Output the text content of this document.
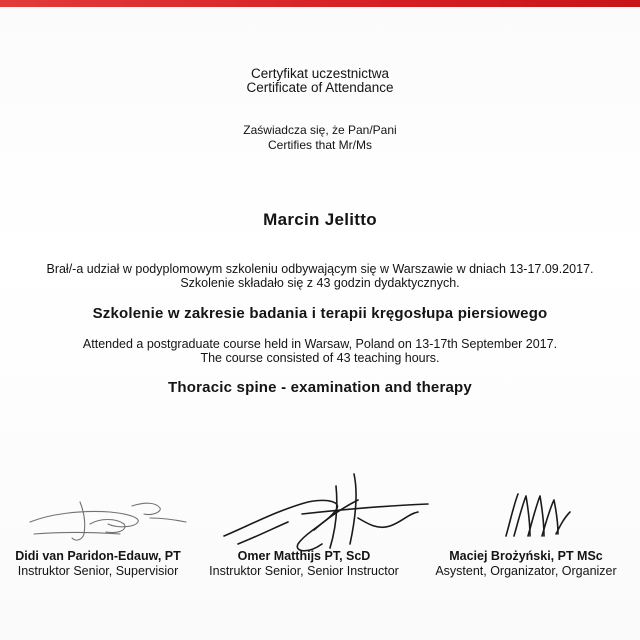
Certyfikat uczestnictwa
Certificate of Attendance
Zaświadcza się, że Pan/Pani
Certifies that Mr/Ms
Marcin Jelitto
Brał/-a udział w podyplomowym szkoleniu odbywającym się w Warszawie w dniach 13-17.09.2017.
Szkolenie składało się z 43 godzin dydaktycznych.
Szkolenie w zakresie badania i terapii kręgosłupa piersiowego
Attended a postgraduate course held in Warsaw, Poland on 13-17th September 2017.
The course consisted of 43 teaching hours.
Thoracic spine - examination and therapy
Didi van Paridon-Edauw, PT
Instruktor Senior, Supervisior
Omer Matthijs PT, ScD
Instruktor Senior, Senior Instructor
Maciej Brożyński, PT MSc
Asystent, Organizator, Organizer
